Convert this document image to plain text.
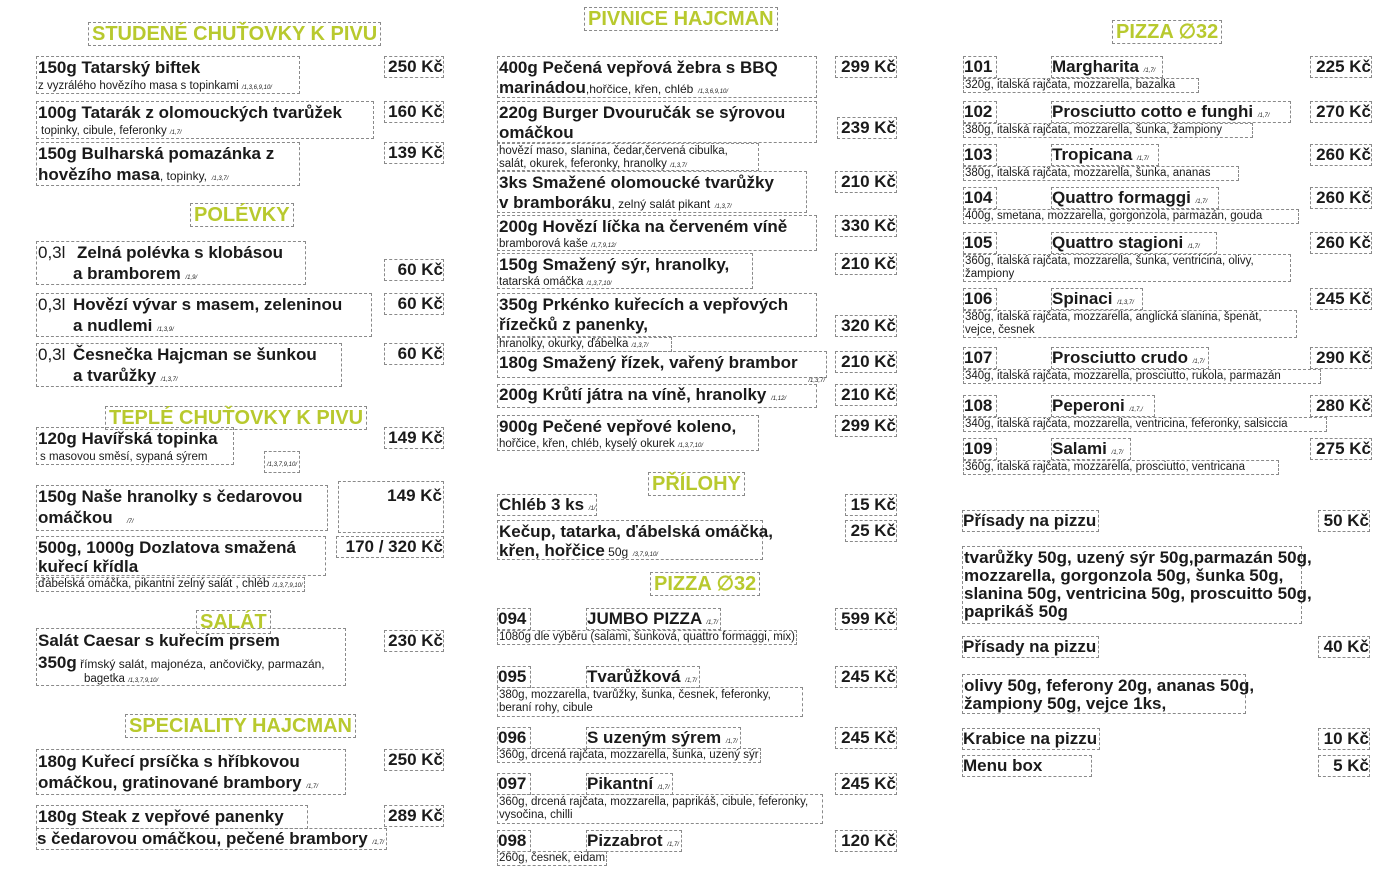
STUDENÉ CHUŤOVKY K PIVU
150g Tatarský biftek
z vyzrálého hovězího masa s topinkami /1,3,6,9,10/
250 Kč
100g Tatarák z olomouckých tvarůžek
topinky, cibule, feferonky /1,7/
160 Kč
150g Bulharská pomazánka z
hovězího masa, topinky, /1,3,7/
139 Kč
POLÉVKY
0,3l Zelná polévka s klobásou
a bramborem /1,9/	60 Kč
0,3l Hovězí vývar s masem, zeleninou
a nudlemi /1,3,9/
60 Kč
0,3l Česnečka Hajcman se šunkou
a tvarůžky /1,3,7/
60 Kč
TEPLÉ CHUŤOVKY K PIVU
120g Havířská topinka
s masovou směsí, sypaná sýrem
/1,3,7,9,10/
149 Kč
150g Naše hranolky s čedarovou
omáčkou /7/
149 Kč
500g, 1000g Dozlatova smažená
kuřecí křídla
ďábelská omáčka, pikantní zelný salát , chléb /1,3,7,9,10/
170 / 320 Kč
SALÁT
Salát Caesar s kuřecím prsem
350g římský salát, majonéza, ančovičky, parmazán,
bagetka /1,3,7,9,10/
230 Kč
SPECIALITY HAJCMAN
180g Kuřecí prsíčka s hříbkovou
omáčkou, gratinované brambory /1,7/
250 Kč
180g Steak z vepřové panenky
s čedarovou omáčkou, pečené brambory /1,7/
289 Kč
PIVNICE HAJCMAN
400g Pečená vepřová žebra s BBQ
marinádou,hořčice, křen, chléb /1,3,6,9,10/
299 Kč
220g Burger Dvouručák se sýrovou
omáčkou
hovězí maso, slanina, čedar,červená cibulka,
salát, okurek, feferonky, hranolky /1,3,7/
239 Kč
3ks Smažené olomoucké tvarůžky
v bramboráku, zelný salát pikant /1,3,7/
210 Kč
200g Hovězí líčka na červeném víně
bramborová kaše /1,7,9,12/
330 Kč
150g Smažený sýr, hranolky,
tatarská omáčka /1,3,7,10/
210 Kč
350g Prkénko kuřecích a vepřových
řízečků z panenky,
hranolky, okurky, ďábelka /1,3,7/
320 Kč
180g Smažený řízek, vařený brambor
/1,3,7/
210 Kč
200g Krůtí játra na víně, hranolky /1,12/	210 Kč
900g Pečené vepřové koleno,
hořčice, křen, chléb, kyselý okurek /1,3,7,10/
299 Kč
PŘÍLOHY
Chléb 3 ks /1/	15 Kč
Kečup, tatarka, ďábelská omáčka,
křen, hořčice 50g /3,7,9,10/
25 Kč
PIZZA ∅32
094	JUMBO PIZZA /1,7/
1080g dle výběru (salami, šunková, quattro formaggi, mix)
599 Kč
095	Tvarůžková /1,7/
380g, mozzarella, tvarůžky, šunka, česnek, feferonky,
beraní rohy, cibule
245 Kč
096	S uzeným sýrem /1,7/
360g, drcená rajčata, mozzarella, šunka, uzený sýr
245 Kč
097	Pikantní /1,7/
360g, drcená rajčata, mozzarella, paprikáš, cibule, feferonky,
vysočina, chilli
245 Kč
098	Pizzabrot /1,7/
260g, česnek, eidam
120 Kč
PIZZA ∅32
101	Margharita /1,7/
320g, italská rajčata, mozzarella, bazalka
225 Kč
102	Prosciutto cotto e funghi /1,7/
380g, italská rajčata, mozzarella, šunka, žampiony
270 Kč
103	Tropicana /1,7/
380g, italská rajčata, mozzarella, šunka, ananas
260 Kč
104	Quattro formaggi /1,7/
400g, smetana, mozzarella, gorgonzola, parmazán, gouda
260 Kč
105	Quattro stagioni /1,7/
360g, italská rajčata, mozzarella, šunka, ventricina, olivy,
žampiony
260 Kč
106	Spinaci /1,3,7/
380g, italská rajčata, mozzarella, anglická slanina, špenát,
vejce, česnek
245 Kč
107	Prosciutto crudo /1,7/
340g, italská rajčata, mozzarella, prosciutto, rukola, parmazán
290 Kč
108	Peperoni /1,7,/
340g, italská rajčata, mozzarella, ventricina, feferonky, salsiccia
280 Kč
109	Salami /1,7/
360g, italská rajčata, mozzarella, prosciutto, ventricana
275 Kč
Přísady na pizzu	50 Kč
tvarůžky 50g, uzený sýr 50g,parmazán 50g,
mozzarella, gorgonzola 50g, šunka 50g,
slanina 50g, ventricina 50g, proscuitto 50g,
paprikáš 50g
Přísady na pizzu	40 Kč
olivy 50g, feferony 20g, ananas 50g,
žampiony 50g, vejce 1ks,
Krabice na pizzu	10 Kč
Menu box	5 Kč
